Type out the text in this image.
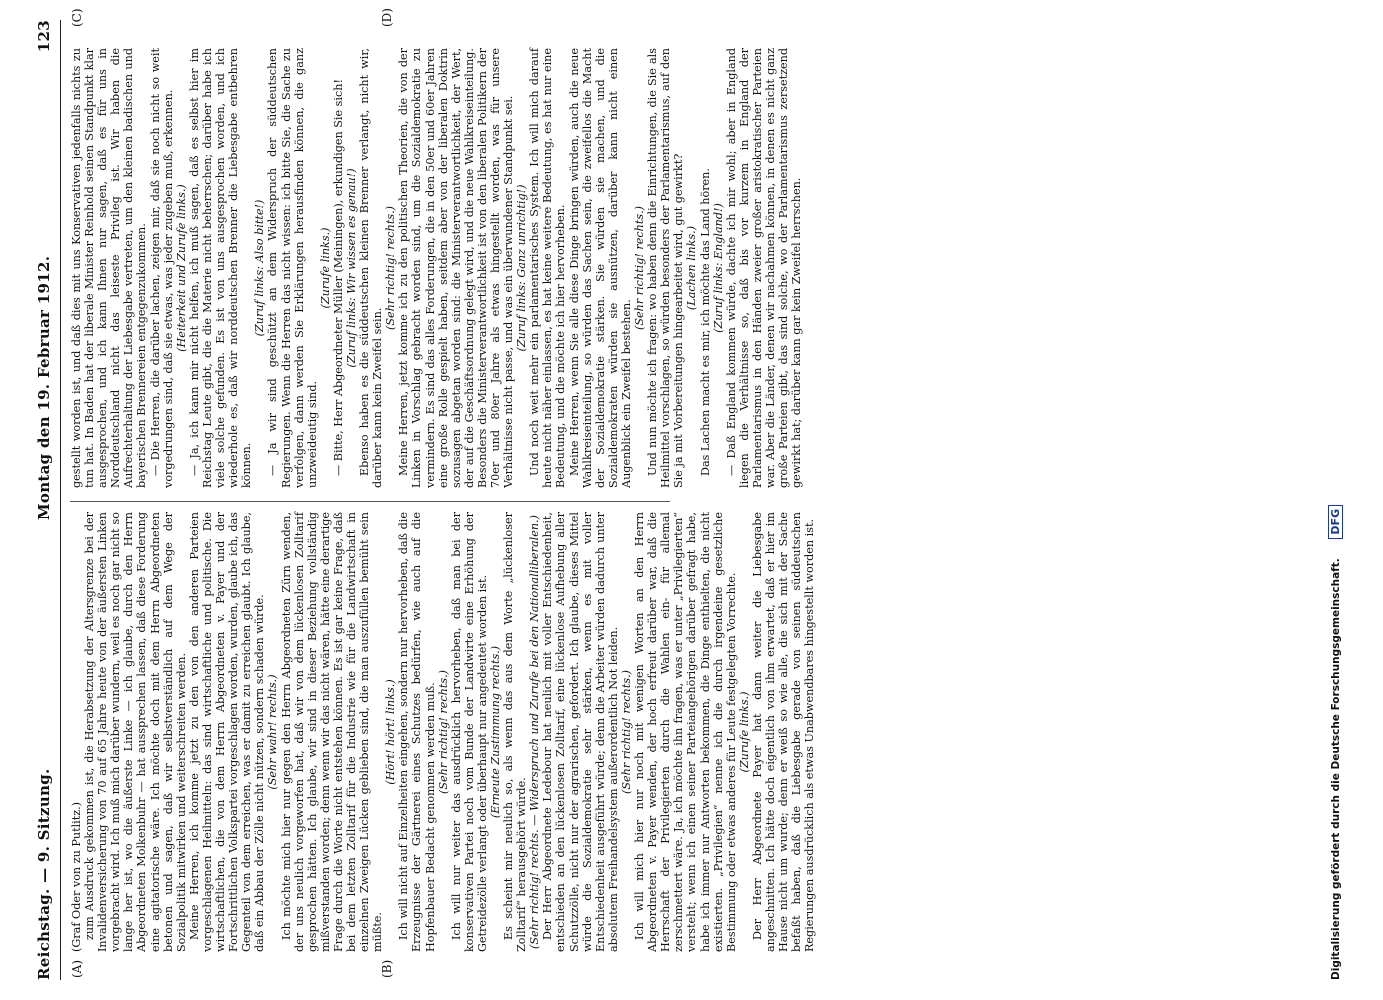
Reichstag. — 9. Sitzung.
Montag den 19. Februar 1912.
123
(A)	(B)
(C)	(D)

(Graf Oder von zu Putlitz.) zum Ausdruck gekommen ist, die Herabsetzung der Altersgrenze bei der Invalidenversicherung von 70 auf 65 Jahre heute von der äußersten Linken vorgebracht wird. Ich muß mich darüber wundern, weil es noch gar nicht so lange her ist, wo die äußerste Linke — ich glaube, durch den Herrn Abgeordneten Molkenbuhr — hat aussprechen lassen, daß diese Forderung eine agitatorische wäre. Ich möchte doch mit dem Herrn Abgeordneten betonen und sagen, daß wir selbstverständlich auf dem Wege der Sozialpolitik mitwirken und weiterschreiten werden. Meine Herren, ich komme jetzt zu den von den anderen Parteien vorgeschlagenen Heilmitteln: das sind wirtschaftliche und politische. Die wirtschaftlichen, die von dem Herrn Abgeordneten v. Payer und der Fortschrittlichen Volkspartei vorgeschlagen worden, wurden, glaube ich, das Gegenteil von dem erreichen, was er damit zu erreichen glaubt. Ich glaube, daß ein Abbau der Zölle nicht nützen, sondern schaden würde. (Sehr wahr! rechts.) Ich möchte mich hier nur gegen den Herrn Abgeordneten Zürn wenden, der uns neulich vorgeworfen hat, daß wir von dem lückenlosen Zolltarif gesprochen hätten. Ich glaube, wir sind in dieser Beziehung vollständig mißverstanden worden; denn wenn wir das nicht wären, hätte eine derartige Frage durch die Worte nicht entstehen können. Es ist gar keine Frage, daß bei dem letzten Zolltarif für die Industrie wie für die Landwirtschaft in einzelnen Zweigen Lücken geblieben sind, die man auszufüllen bemüht sein müßte.

(Hört! hört! links.) Ich will nicht auf Einzelheiten eingehen, sondern nur hervorheben, daß die Erzeugnisse der Gärtnerei eines Schutzes bedürfen, wie auch auf die Hopfenbauer Bedacht genommen werden muß. (Sehr richtig! rechts.) Ich will nur weiter das ausdrücklich hervorheben, daß man bei der konservativen Partei noch vom Bunde der Landwirte eine Erhöhung der Getreidezölle verlangt oder überhaupt nur angedeutet worden ist. (Erneute Zustimmung rechts.) Es scheint mir neulich so, als wenn das aus dem Worte „lückenloser Zolltarif“ herausgehört würde. (Sehr richtig! rechts. — Widerspruch und Zurufe bei den Nationalliberalen.) Der Herr Abgeordnete Ledebour hat neulich mit voller Entschiedenheit, entschieden an den lückenlosen Zolltarif, eine lückenlose Aufhebung aller Schutzzölle, nicht nur der agrarischen, gefordert. Ich glaube, dieses Mittel würde die Sozialdemokratie sehr stärken, wenn es mit voller Entschiedenheit ausgeführt würde; denn die Arbeiter würden dadurch unter absolutem Freihandelsystem außerordentlich Not leiden. (Sehr richtig! rechts.) Ich will mich hier nur noch mit wenigen Worten an den Herrn Abgeordneten v. Payer wenden, der hoch erfreut darüber war, daß die Herrschaft der Privilegierten durch die Wahlen ein- für allemal zerschmettert wäre. Ja, ich möchte ihn fragen, was er unter „Privilegierten“ versteht; wenn ich einen seiner Parteiangehörigen darüber gefragt habe, habe ich immer nur Antworten bekommen, die Dinge enthielten, die nicht existierten. „Privilegien“ nenne ich die durch irgendeine gesetzliche Bestimmung oder etwas anderes für Leute festgelegten Vorrechte. (Zurufe links.) Der Herr Abgeordnete Payer hat dann weiter die Liebesgabe angeschnitten. Ich hätte doch eigentlich von ihm erwartet, daß er hier im Hause nicht um wurde; denn er weiß so wie alle, die sich mit der Sache befaßt haben, daß die Liebesgabe gerade von seinen süddeutschen Regierungen ausdrücklich als etwas Unabwendbares hingestellt worden ist.

gestellt worden ist, und daß dies mit uns Konservativen jedenfalls nichts zu tun hat. In Baden hat der liberale Minister Reinhold seinen Standpunkt klar ausgesprochen, und ich kann Ihnen nur sagen, daß es für uns in Norddeutschland nicht das leiseste Privileg ist. Wir haben die Aufrechterhaltung der Liebesgabe vertreten, um den kleinen badischen und bayerischen Brennereien entgegenzukommen. — Die Herren, die darüber lachen, zeigen mir, daß sie noch nicht so weit vorgedrungen sind, daß sie etwas, was jeder zugeben muß, erkennen. (Heiterkeit und Zurufe links.) — Ja, ich kann mir nicht helfen, ich muß sagen, daß es selbst hier im Reichstag Leute gibt, die die Materie nicht beherrschen; darüber habe ich viele solche gefunden. Es ist von uns ausgesprochen worden, und ich wiederhole es, daß wir norddeutschen Brenner die Liebesgabe entbehren können.

(Zuruf links: Also bitte!) — Ja wir sind geschützt an dem Widerspruch der süddeutschen Regierungen. Wenn die Herren das nicht wissen: ich bitte Sie, die Sache zu verfolgen, dann werden Sie Erklärungen herausfinden können, die ganz unzweideutig sind.

(Zurufe links.) — Bitte, Herr Abgeordneter Müller (Meiningen), erkundigen Sie sich! (Zuruf links: Wir wissen es genau!) Ebenso haben es die süddeutschen kleinen Brenner verlangt, nicht wir, darüber kann kein Zweifel sein.

(Sehr richtig! rechts.) Meine Herren, jetzt komme ich zu den politischen Theorien, die von der Linken in Vorschlag gebracht worden sind, um die Sozialdemokratie zu vermindern. Es sind das alles Forderungen, die in den 50er und 60er Jahren eine große Rolle gespielt haben, seitdem aber von der liberalen Doktrin sozusagen abgetan worden sind: die Ministerverantwortlichkeit, der Wert, der auf die Geschäftsordnung gelegt wird, und die neue Wahlkreiseinteilung. Besonders die Ministerverantwortlichkeit ist von den liberalen Politikern der 70er und 80er Jahre als etwas hingestellt worden, was für unsere Verhältnisse nicht passe, und was ein überwundener Standpunkt sei. (Zuruf links: Ganz unrichtig!) Und noch weit mehr ein parlamentarisches System. Ich will mich darauf heute nicht näher einlassen, es hat keine weitere Bedeutung, es hat nur eine Bedeutung, und die möchte ich hier hervorheben. Meine Herren, wenn Sie alle diese Dinge bringen würden, auch die neue Wahlkreiseinteilung, so würden das Sachen sein, die zweifellos die Macht der Sozialdemokratie stärken. Sie würden sie machen, und die Sozialdemokraten würden sie ausnützen, darüber kann nicht einen Augenblick ein Zweifel bestehen.

(Sehr richtig! rechts.) Und nun möchte ich fragen: wo haben denn die Einrichtungen, die Sie als Heilmittel vorschlagen, so würden besonders der Parlamentarismus, auf den Sie ja mit Vorbereitungen hingearbeitet wird, gut gewirkt? (Lachen links.) Das Lachen macht es mir, ich möchte das Land hören. (Zuruf links: England!) — Daß England kommen würde, dachte ich mir wohl; aber in England liegen die Verhältnisse so, daß bis vor kurzem in England der Parlamentarismus in den Händen zweier großer aristokratischer Parteien war. Aber die Länder, denen wir nachahmen können, in denen es nicht ganz große Parteien gibt, das sind solche, wo der Parlamentarismus zersetzend gewirkt hat; darüber kann gar kein Zweifel herrschen.

Digitalisierung gefördert durch die Deutsche Forschungsgemeinschaft. DFG
